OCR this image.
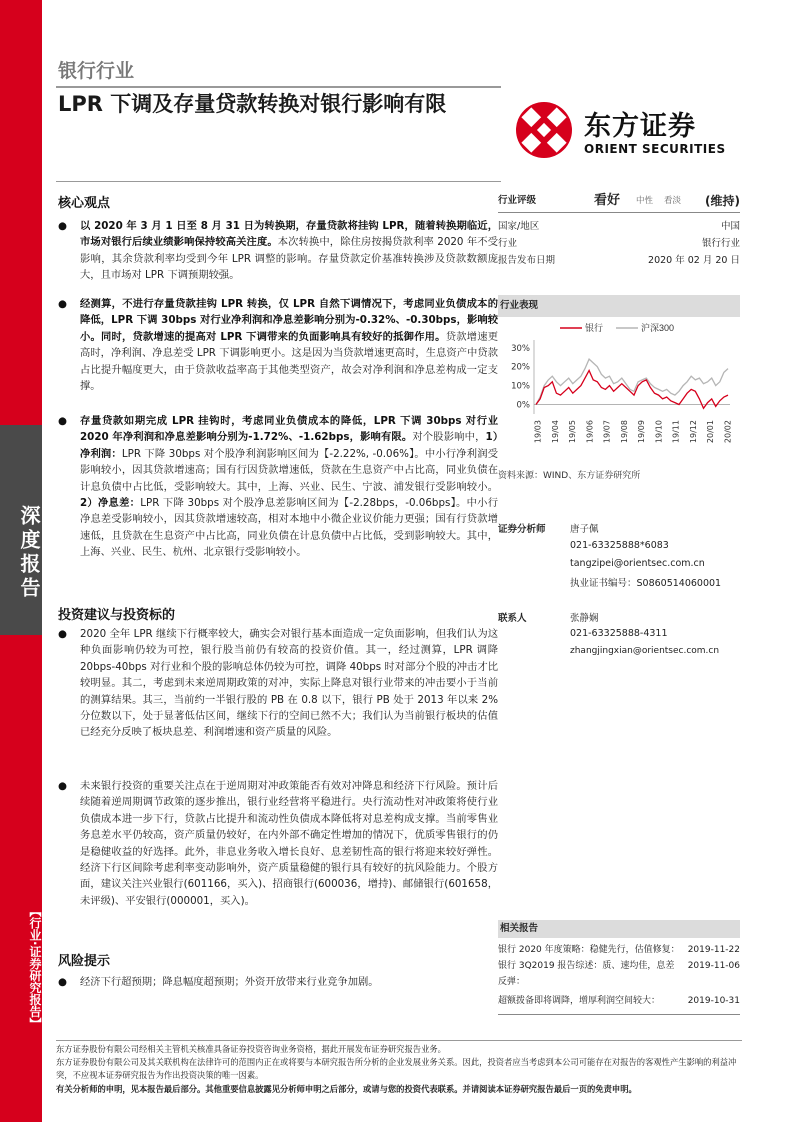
深度报告
【行业·证券研究报告】
银行行业
LPR 下调及存量贷款转换对银行影响有限
东方证券
ORIENT SECURITIES
核心观点

● 以 2020 年 3 月 1 日至 8 月 31 日为转换期，存量贷款将挂钩 LPR，随着转换期临近，市场对银行后续业绩影响保持较高关注度。本次转换中，除住房按揭贷款利率 2020 年不受影响，其余贷款利率均受到今年 LPR 调整的影响。存量贷款定价基准转换涉及贷款数额庞大，且市场对 LPR 下调预期较强。

● 经测算，不进行存量贷款挂钩 LPR 转换，仅 LPR 自然下调情况下，考虑同业负债成本的降低，LPR 下调 30bps 对行业净利润和净息差影响分别为-0.32%、-0.30bps，影响较小。同时，贷款增速的提高对 LPR 下调带来的负面影响具有较好的抵御作用。贷款增速更高时，净利润、净息差受 LPR 下调影响更小。这是因为当贷款增速更高时，生息资产中贷款占比提升幅度更大，由于贷款收益率高于其他类型资产，故会对净利润和净息差构成一定支撑。

● 存量贷款如期完成 LPR 挂钩时，考虑同业负债成本的降低，LPR 下调 30bps 对行业 2020 年净利润和净息差影响分别为-1.72%、-1.62bps，影响有限。对个股影响中，1）净利润：LPR 下降 30bps 对个股净利润影响区间为【-2.22%, -0.06%】。中小行净利润受影响较小，因其贷款增速高；国有行因贷款增速低，贷款在生息资产中占比高，同业负债在计息负债中占比低，受影响较大。其中，上海、兴业、民生、宁波、浦发银行受影响较小。2）净息差：LPR 下降 30bps 对个股净息差影响区间为【-2.28bps，-0.06bps】。中小行净息差受影响较小，因其贷款增速较高，相对本地中小微企业议价能力更强；国有行贷款增速低，且贷款在生息资产中占比高，同业负债在计息负债中占比低，受到影响较大。其中，上海、兴业、民生、杭州、北京银行受影响较小。

投资建议与投资标的

● 2020 全年 LPR 继续下行概率较大，确实会对银行基本面造成一定负面影响，但我们认为这种负面影响仍较为可控，银行股当前仍有较高的投资价值。其一，经过测算，LPR 调降 20bps-40bps 对行业和个股的影响总体仍较为可控，调降 40bps 时对部分个股的冲击才比较明显。其二，考虑到未来逆周期政策的对冲，实际上降息对银行业带来的冲击要小于当前的测算结果。其三，当前约一半银行股的 PB 在 0.8 以下，银行 PB 处于 2013 年以来 2%分位数以下，处于显著低估区间，继续下行的空间已然不大；我们认为当前银行板块的估值已经充分反映了板块息差、利润增速和资产质量的风险。

● 未来银行投资的重要关注点在于逆周期对冲政策能否有效对冲降息和经济下行风险。预计后续随着逆周期调节政策的逐步推出，银行业经营将平稳进行。央行流动性对冲政策将使行业负债成本进一步下行，贷款占比提升和流动性负债成本降低将对息差构成支撑。当前零售业务息差水平仍较高，资产质量仍较好，在内外部不确定性增加的情况下，优质零售银行的仍是稳健收益的好选择。此外，非息业务收入增长良好、息差韧性高的银行将迎来较好弹性。经济下行区间除考虑利率变动影响外，资产质量稳健的银行具有较好的抗风险能力。个股方面，建议关注兴业银行(601166，买入)、招商银行(600036，增持)、邮储银行(601658，未评级)、平安银行(000001，买入)。

风险提示

● 经济下行超预期；降息幅度超预期；外资开放带来行业竞争加剧。

行业评级	看好 中性 看淡 (维持)
国家/地区	中国
行业	银行行业
报告发布日期	2020 年 02 月 20 日
行业表现
银行	沪深300
30%
20%
10%
0%
19/03 19/04 19/05 19/06 19/07 19/08 19/09 19/10 19/11 19/12 20/01 20/02
资料来源：WIND、东方证券研究所
证券分析师	唐子佩
021-63325888*6083
tangzipei@orientsec.com.cn
执业证书编号：S0860514060001
联系人	张静娴
021-63325888-4311
zhangjingxian@orientsec.com.cn
相关报告
银行 2020 年度策略：稳健先行，估值修复： 2019-11-22
银行 3Q2019 报告综述：质、速均佳，息差 2019-11-06
反弹：
超额拨备即将调降，增厚利润空间较大：	2019-10-31
东方证券股份有限公司经相关主管机关核准具备证券投资咨询业务资格，据此开展发布证券研究报告业务。
东方证券股份有限公司及其关联机构在法律许可的范围内正在或将要与本研究报告所分析的企业发展业务关系。因此，投资者应当考虑到本公司可能存在对报告的客观性产生影响的利益冲突，不应视本证券研究报告为作出投资决策的唯一因素。
有关分析师的申明，见本报告最后部分。其他重要信息披露见分析师申明之后部分，或请与您的投资代表联系。并请阅读本证券研究报告最后一页的免责申明。
